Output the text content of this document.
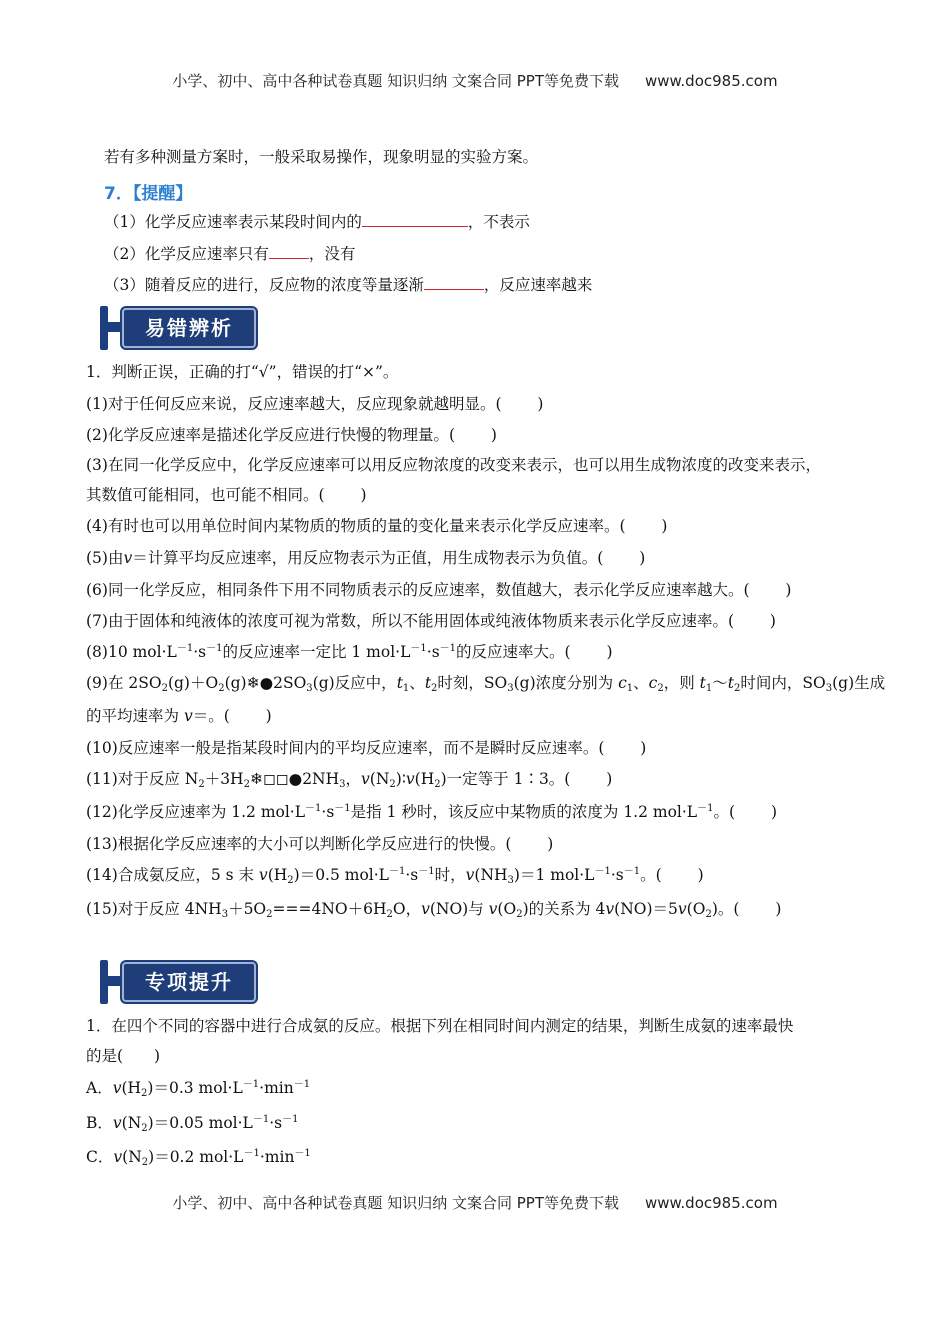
小学、初中、高中各种试卷真题 知识归纳 文案合同 PPT等免费下载 www.doc985.com
若有多种测量方案时，一般采取易操作，现象明显的实验方案。
7．【提醒】
（1）化学反应速率表示某段时间内的	，不表示
（2）化学反应速率只有	，没有
（3）随着反应的进行，反应物的浓度等量逐渐	，反应速率越来
易错辨析
1．判断正误，正确的打“√”，错误的打“×”。
(1)对于任何反应来说，反应速率越大，反应现象就越明显。(　　 )
(2)化学反应速率是描述化学反应进行快慢的物理量。(　　 )
(3)在同一化学反应中，化学反应速率可以用反应物浓度的改变来表示，也可以用生成物浓度的改变来表示，
其数值可能相同，也可能不相同。(　　 )
(4)有时也可以用单位时间内某物质的物质的量的变化量来表示化学反应速率。(　　 )
(5)由v＝计算平均反应速率，用反应物表示为正值，用生成物表示为负值。(　　 )
(6)同一化学反应，相同条件下用不同物质表示的反应速率，数值越大，表示化学反应速率越大。(　　 )
(7)由于固体和纯液体的浓度可视为常数，所以不能用固体或纯液体物质来表示化学反应速率。(　　 )
(8)10 $mol\cdot L^{-1}\cdot s^{-1}$的反应速率一定比 1 $mol\cdot L^{-1}\cdot s^{-1}$的反应速率大。(　　 )
(9)在 $2SO_2(g)+O_2(g)❄●2SO_3(g)$反应中，$t_1$、$t_2$时刻，$SO_3(g)$浓度分别为 $c_1$、$c_2$，则 $t_1\sim t_2$时间内，$SO_3(g)$生成
的平均速率为 v＝。(　　 )
(10)反应速率一般是指某段时间内的平均反应速率，而不是瞬时反应速率。(　　 )
(11)对于反应 $N_2+3H_2❄◻◻●2NH_3$，$v(N_2)∶v(H_2)$一定等于 1∶3。(　　 )
(12)化学反应速率为 1.2 $mol\cdot L^{-1}\cdot s^{-1}$是指 1 秒时，该反应中某物质的浓度为 1.2 $mol\cdot L^{-1}$。(　　 )
(13)根据化学反应速率的大小可以判断化学反应进行的快慢。(　　 )
(14)合成氨反应，5 s 末 $v(H_2)=0.5$ $mol\cdot L^{-1}\cdot s^{-1}$时，$v(NH_3)=1$ $mol\cdot L^{-1}\cdot s^{-1}$。(　　 )
(15)对于反应 $4NH_3+5O_2===4NO+6H_2O$，v(NO)与 $v(O_2)$的关系为 $4v(NO)=5v(O_2)$。(　　 )
专项提升
1．在四个不同的容器中进行合成氨的反应。根据下列在相同时间内测定的结果，判断生成氨的速率最快
的是(　　)
A．$v(H_2)=0.3$ $mol\cdot L^{-1}\cdot\min^{-1}$
B．$v(N_2)=0.05$ $mol\cdot L^{-1}\cdot s^{-1}$
C．$v(N_2)=0.2$ $mol\cdot L^{-1}\cdot\min^{-1}$
小学、初中、高中各种试卷真题 知识归纳 文案合同 PPT等免费下载 www.doc985.com
